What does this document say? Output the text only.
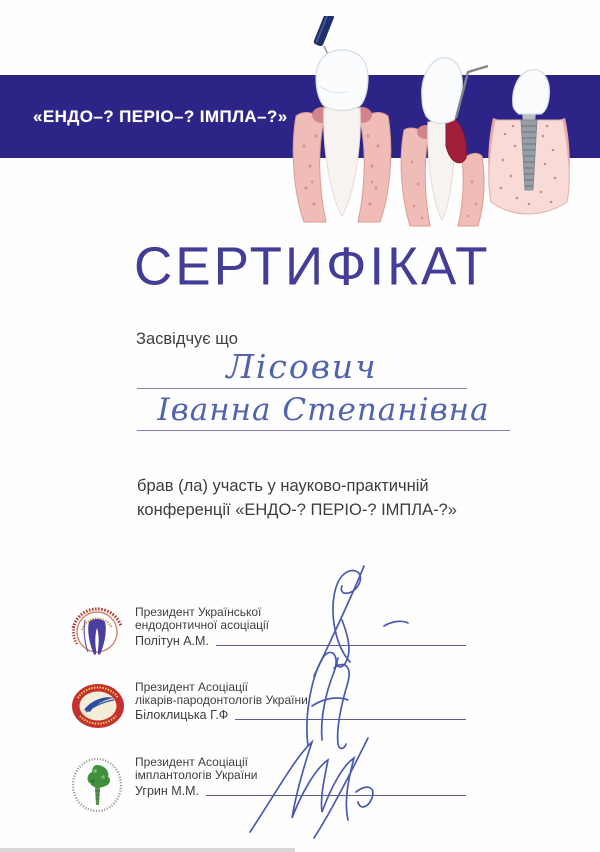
«ЕНДО–? ПЕРІО–? ІМПЛА–?»
СЕРТИФІКАТ
Засвідчує що
Лісович
Іванна Степанівна
брав (ла) участь у науково-практичній
конференції «ЕНДО-? ПЕРІО-? ІМПЛА-?»
Президент Української
ендодонтичної асоціації
Політун А.М.
Президент Асоціації
лікарів-пародонтологів України
Білоклицька Г.Ф
Президент Асоціації
імплантологів України
Угрин М.М.
